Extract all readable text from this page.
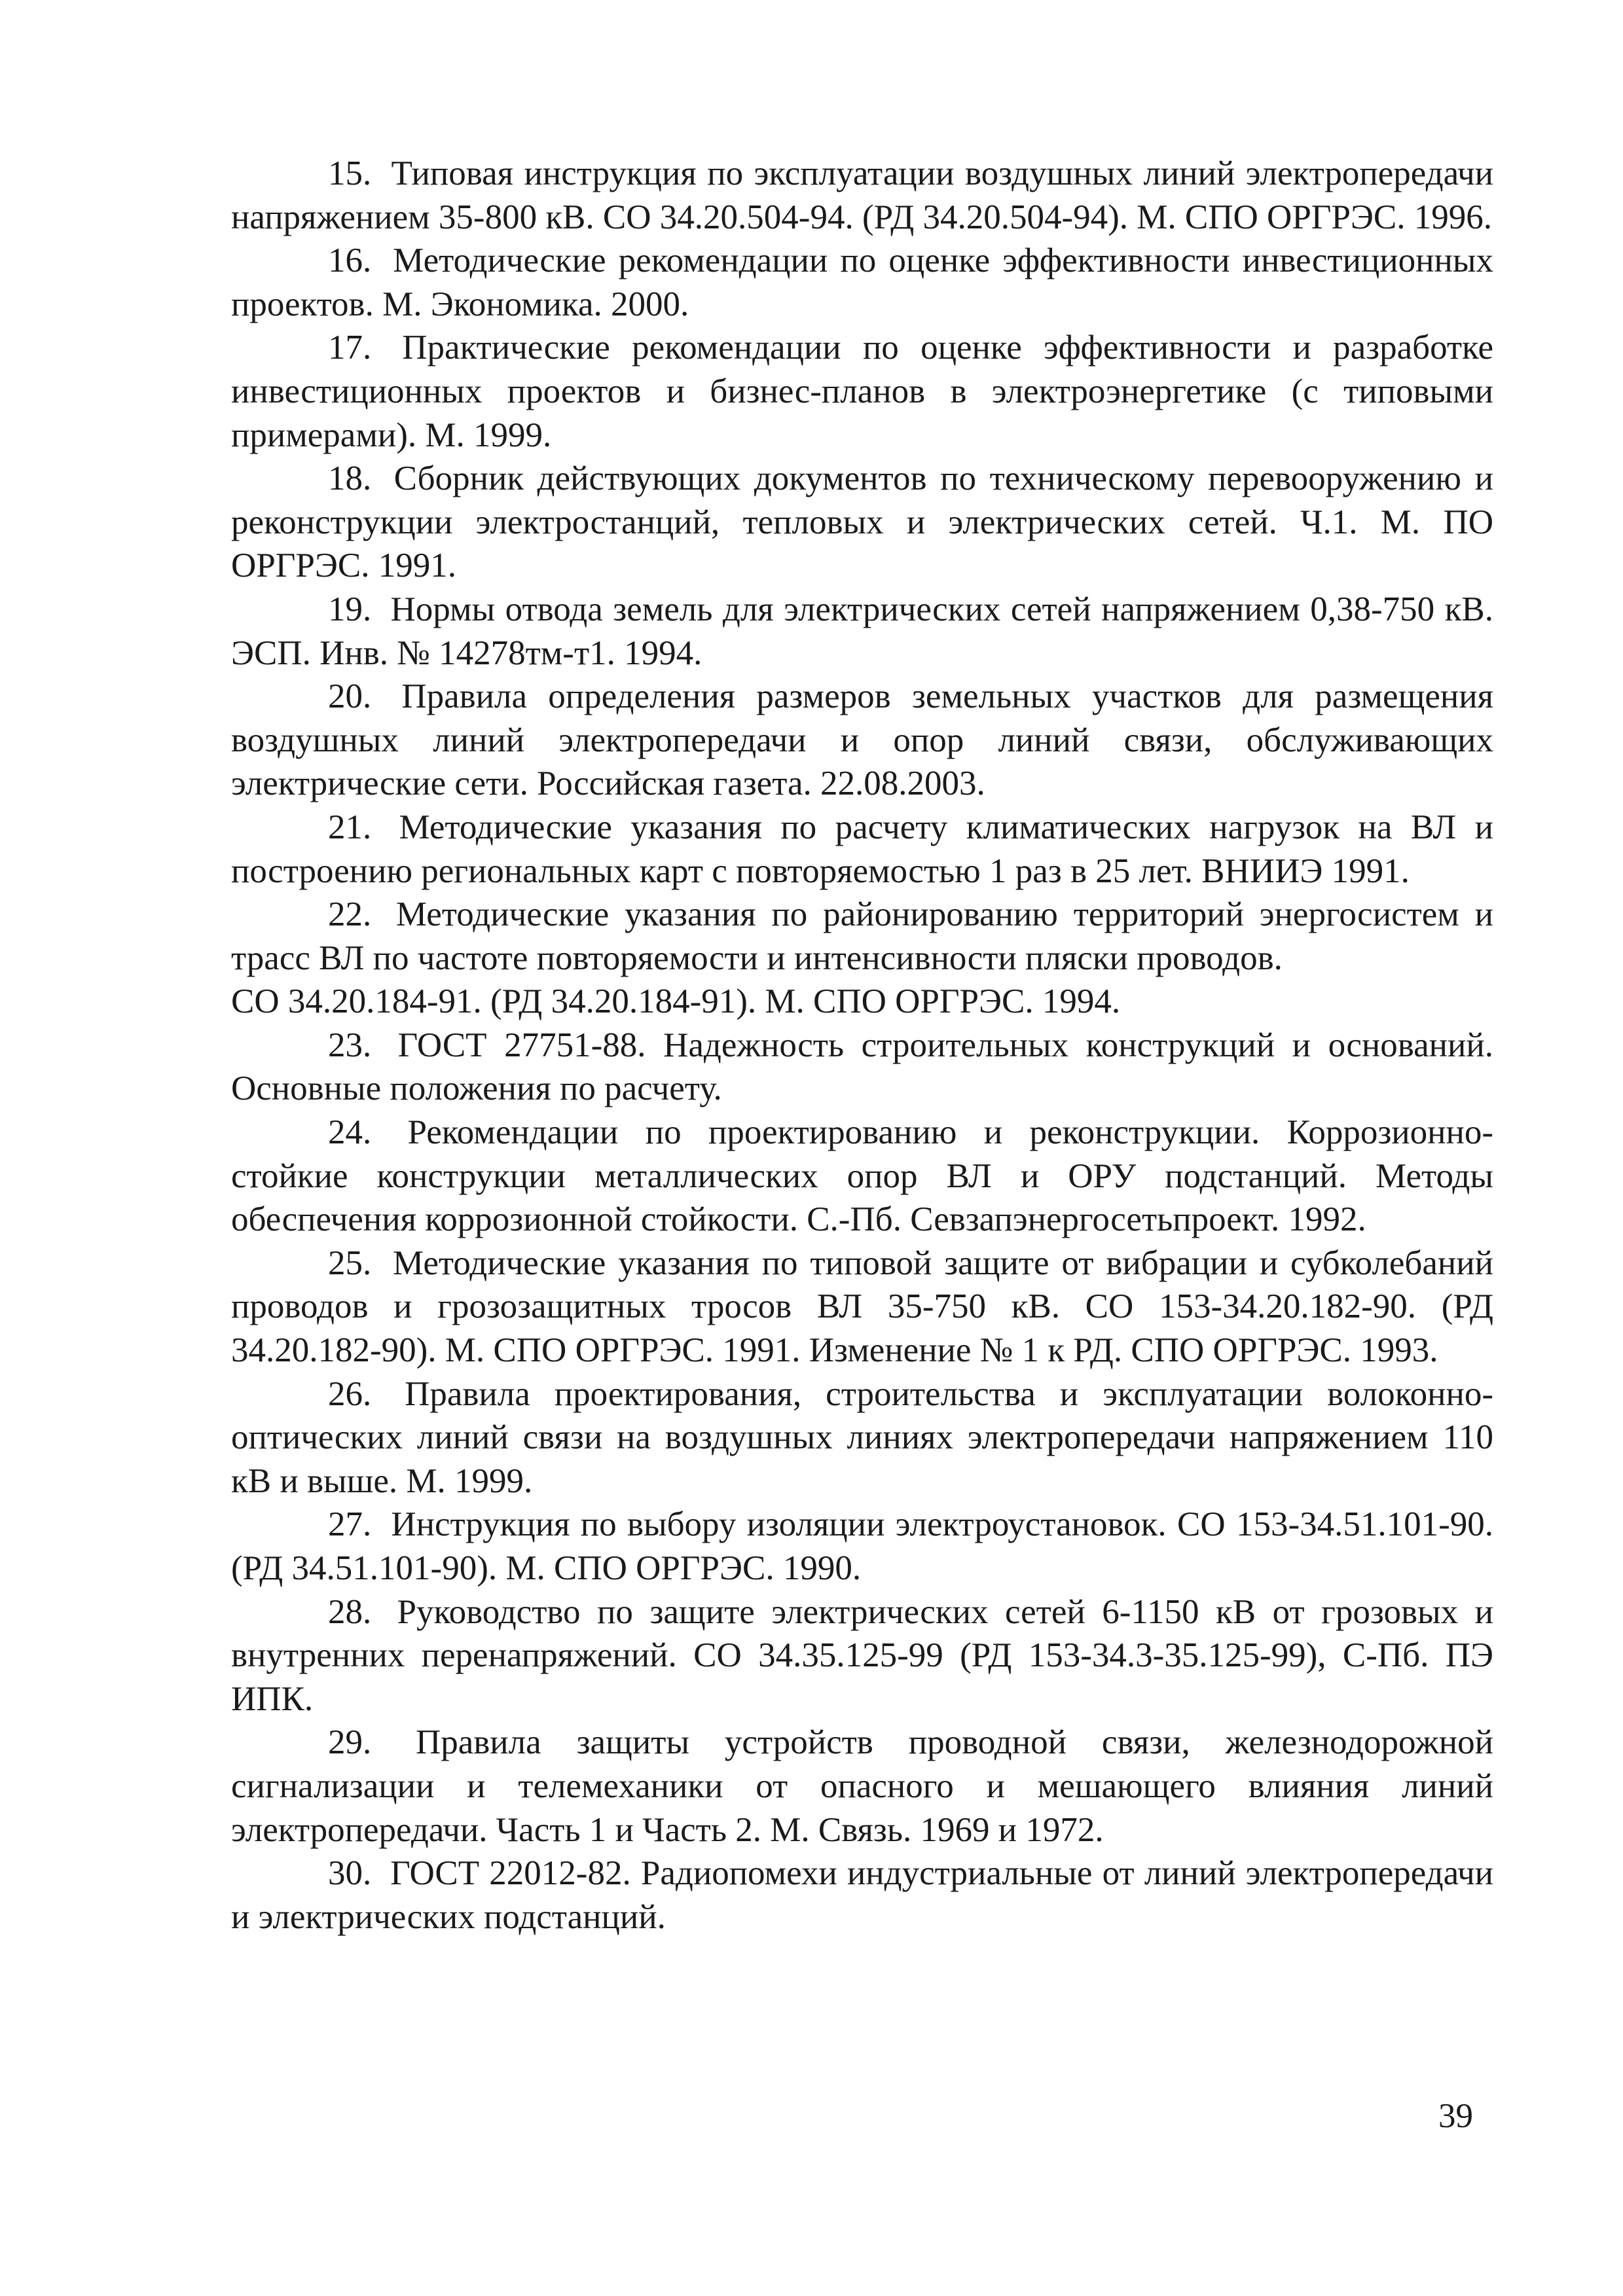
15. Типовая инструкция по эксплуатации воздушных линий электропередачи напряжением 35-800 кВ. СО 34.20.504-94. (РД 34.20.504-94). М. СПО ОРГРЭС. 1996.

16. Методические рекомендации по оценке эффективности инвестиционных проектов. М. Экономика. 2000.

17. Практические рекомендации по оценке эффективности и разработке инвестиционных проектов и бизнес-планов в электроэнергетике (с типовыми примерами). М. 1999.

18. Сборник действующих документов по техническому перевооружению и реконструкции электростанций, тепловых и электрических сетей. Ч.1. М. ПО ОРГРЭС. 1991.

19. Нормы отвода земель для электрических сетей напряжением 0,38-750 кВ. ЭСП. Инв. № 14278тм-т1. 1994.

20. Правила определения размеров земельных участков для размещения воздушных линий электропередачи и опор линий связи, обслуживающих электрические сети. Российская газета. 22.08.2003.

21. Методические указания по расчету климатических нагрузок на ВЛ и построению региональных карт с повторяемостью 1 раз в 25 лет. ВНИИЭ 1991.

22. Методические указания по районированию территорий энергосистем и трасс ВЛ по частоте повторяемости и интенсивности пляски проводов.

СО 34.20.184-91. (РД 34.20.184-91). М. СПО ОРГРЭС. 1994.

23. ГОСТ 27751-88. Надежность строительных конструкций и оснований. Основные положения по расчету.

24. Рекомендации по проектированию и реконструкции. Коррозионно-стойкие конструкции металлических опор ВЛ и ОРУ подстанций. Методы обеспечения коррозионной стойкости. С.-Пб. Севзапэнергосетьпроект. 1992.

25. Методические указания по типовой защите от вибрации и субколебаний проводов и грозозащитных тросов ВЛ 35-750 кВ. СО 153-34.20.182-90. (РД 34.20.182-90). М. СПО ОРГРЭС. 1991. Изменение № 1 к РД. СПО ОРГРЭС. 1993.

26. Правила проектирования, строительства и эксплуатации волоконно-оптических линий связи на воздушных линиях электропередачи напряжением 110 кВ и выше. М. 1999.

27. Инструкция по выбору изоляции электроустановок. СО 153-34.51.101-90. (РД 34.51.101-90). М. СПО ОРГРЭС. 1990.

28. Руководство по защите электрических сетей 6-1150 кВ от грозовых и внутренних перенапряжений. СО 34.35.125-99 (РД 153-34.3-35.125-99), С-Пб. ПЭ ИПК.

29. Правила защиты устройств проводной связи, железнодорожной сигнализации и телемеханики от опасного и мешающего влияния линий электропередачи. Часть 1 и Часть 2. М. Связь. 1969 и 1972.

30. ГОСТ 22012-82. Радиопомехи индустриальные от линий электропередачи и электрических подстанций.

39
